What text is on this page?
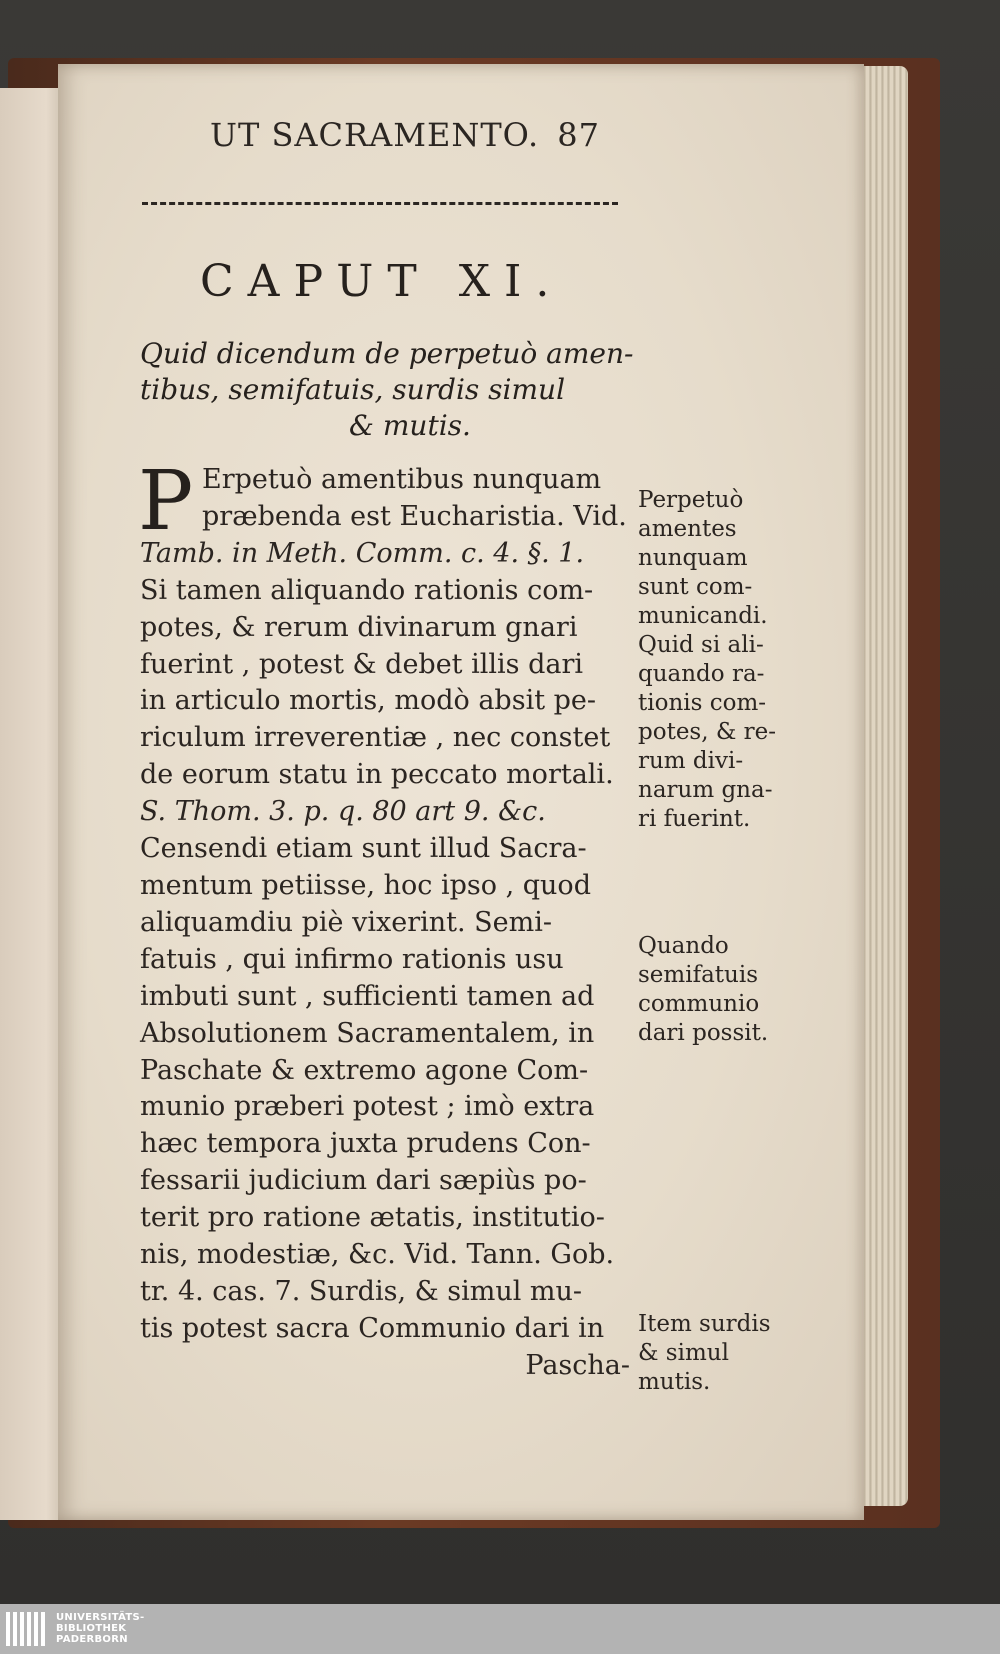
UT SACRAMENTO. 87
CAPUT XI.
Quid dicendum de perpetuò amen-
tibus, semifatuis, surdis simul
& mutis.
P Erpetuò amentibus nunquam
præbenda est Eucharistia. Vid.
Tamb. in Meth. Comm. c. 4. §. 1.
Si tamen aliquando rationis com-
potes, & rerum divinarum gnari
fuerint , potest & debet illis dari
in articulo mortis, modò absit pe-
riculum irreverentiæ , nec constet
de eorum statu in peccato mortali.
S. Thom. 3. p. q. 80 art 9. &c.
Censendi etiam sunt illud Sacra-
mentum petiisse, hoc ipso , quod
aliquamdiu piè vixerint. Semi-
fatuis , qui infirmo rationis usu
imbuti sunt , sufficienti tamen ad
Absolutionem Sacramentalem, in
Paschate & extremo agone Com-
munio præberi potest ; imò extra
hæc tempora juxta prudens Con-
fessarii judicium dari sæpiùs po-
terit pro ratione ætatis, institutio-
nis, modestiæ, &c. Vid. Tann. Gob.
tr. 4. cas. 7. Surdis, & simul mu-
tis potest sacra Communio dari in
Pascha-
Perpetuò
amentes
nunquam
sunt com-
municandi.
Quid si ali-
quando ra-
tionis com-
potes, & re-
rum divi-
narum gna-
ri fuerint.
Quando
semifatuis
communio
dari possit.
Item surdis
& simul
mutis.
UNIVERSITÄTS-
BIBLIOTHEK
PADERBORN
